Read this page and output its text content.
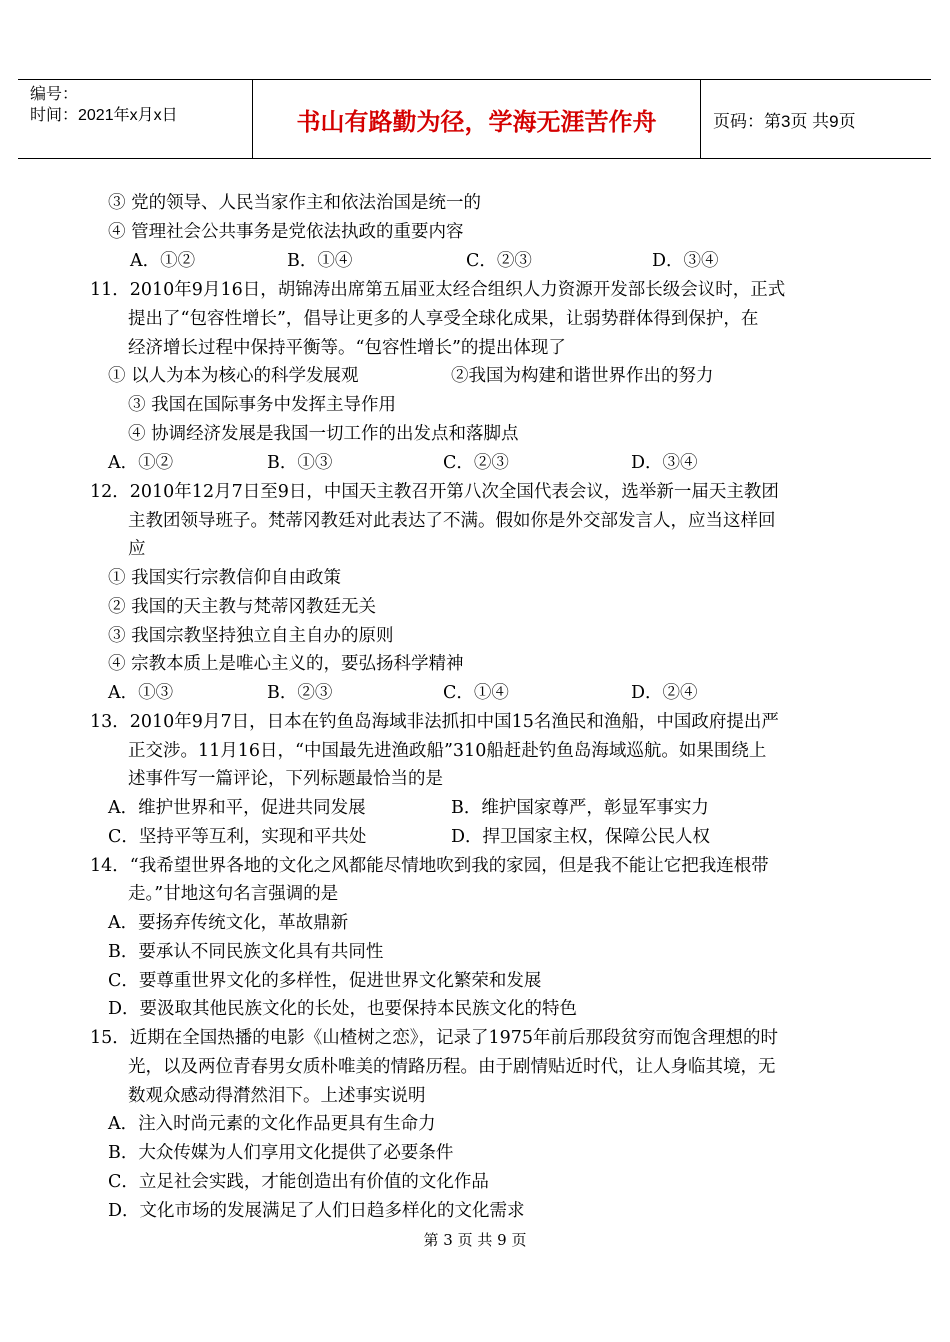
编号：
时间：2021年x月x日	书山有路勤为径，学海无涯苦作舟	页码：第3页 共9页
③ 党的领导、人民当家作主和依法治国是统一的
④ 管理社会公共事务是党依法执政的重要内容
A．①②	B．①④	C．②③	D．③④
11．2010年9月16日，胡锦涛出席第五届亚太经合组织人力资源开发部长级会议时，正式
提出了“包容性增长”，倡导让更多的人享受全球化成果，让弱势群体得到保护，在
经济增长过程中保持平衡等。“包容性增长”的提出体现了
① 以人为本为核心的科学发展观	②我国为构建和谐世界作出的努力
③ 我国在国际事务中发挥主导作用
④ 协调经济发展是我国一切工作的出发点和落脚点
A．①②	B．①③	C．②③	D．③④
12．2010年12月7日至9日，中国天主教召开第八次全国代表会议，选举新一届天主教团
主教团领导班子。梵蒂冈教廷对此表达了不满。假如你是外交部发言人，应当这样回
应
① 我国实行宗教信仰自由政策
② 我国的天主教与梵蒂冈教廷无关
③ 我国宗教坚持独立自主自办的原则
④ 宗教本质上是唯心主义的，要弘扬科学精神
A．①③	B．②③	C．①④	D．②④
13．2010年9月7日，日本在钓鱼岛海域非法抓扣中国15名渔民和渔船，中国政府提出严
正交涉。11月16日，“中国最先进渔政船”310船赶赴钓鱼岛海域巡航。如果围绕上
述事件写一篇评论，下列标题最恰当的是
A．维护世界和平，促进共同发展	B．维护国家尊严，彰显军事实力
C．坚持平等互利，实现和平共处	D．捍卫国家主权，保障公民人权
14．“我希望世界各地的文化之风都能尽情地吹到我的家园，但是我不能让它把我连根带
走。”甘地这句名言强调的是
A．要扬弃传统文化，革故鼎新
B．要承认不同民族文化具有共同性
C．要尊重世界文化的多样性，促进世界文化繁荣和发展
D．要汲取其他民族文化的长处，也要保持本民族文化的特色
15．近期在全国热播的电影《山楂树之恋》，记录了1975年前后那段贫穷而饱含理想的时
光，以及两位青春男女质朴唯美的情路历程。由于剧情贴近时代，让人身临其境，无
数观众感动得潸然泪下。上述事实说明
A．注入时尚元素的文化作品更具有生命力
B．大众传媒为人们享用文化提供了必要条件
C．立足社会实践，才能创造出有价值的文化作品
D．文化市场的发展满足了人们日趋多样化的文化需求
第 3 页 共 9 页
